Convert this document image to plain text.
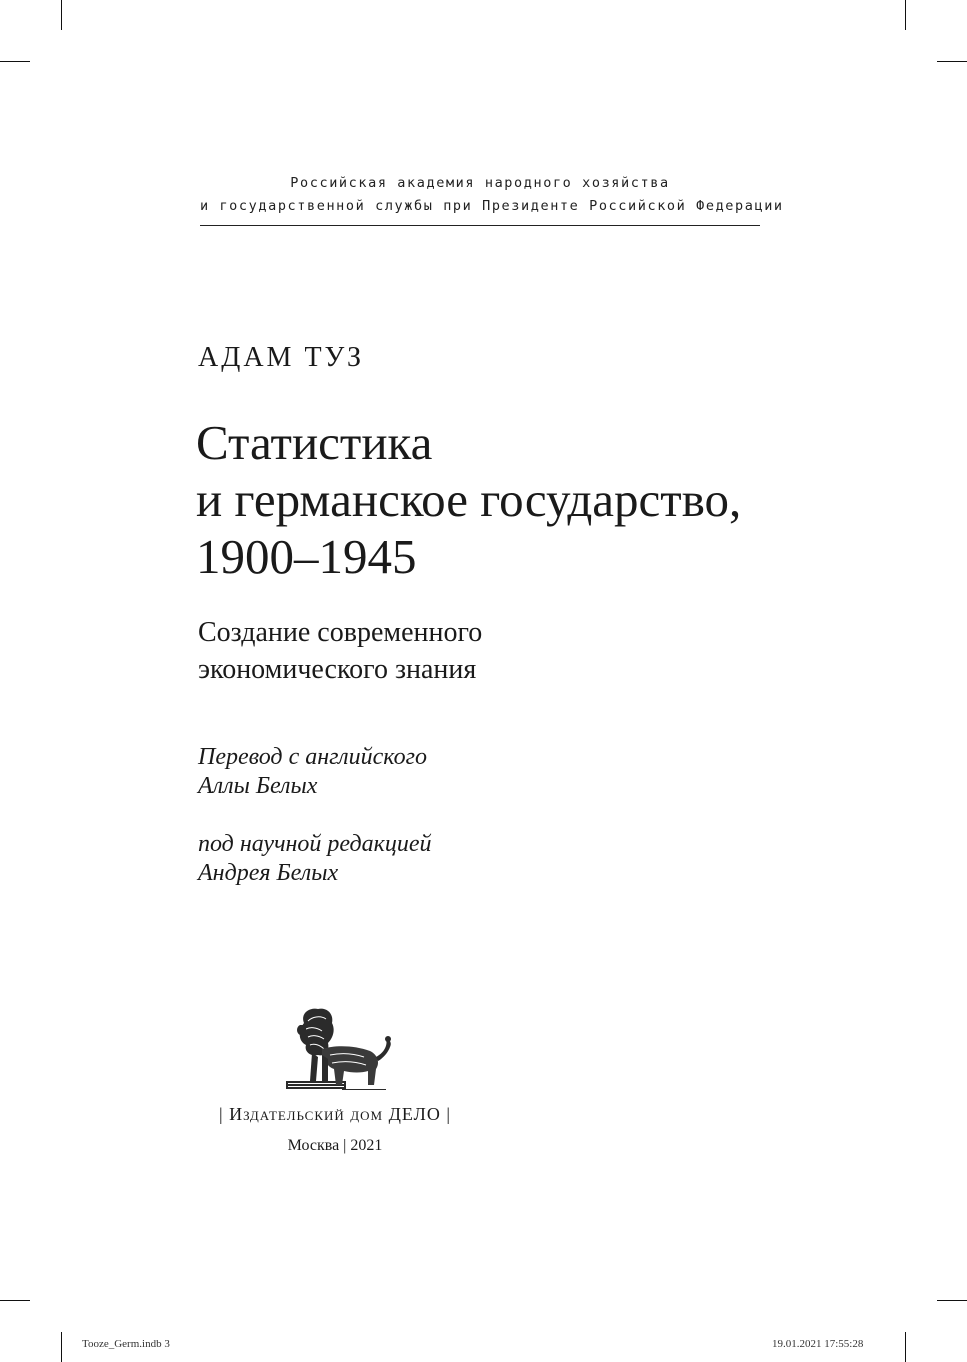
Российская академия народного хозяйства
и государственной службы при Президенте Российской Федерации
АДАМ ТУЗ
Статистика
и германское государство,
1900–1945
Создание современного
экономического знания
Перевод с английского
Аллы Белых
под научной редакцией
Андрея Белых
| Издательский дом ДЕЛО |
Москва | 2021
Tooze_Germ.indb 3	19.01.2021 17:55:28
